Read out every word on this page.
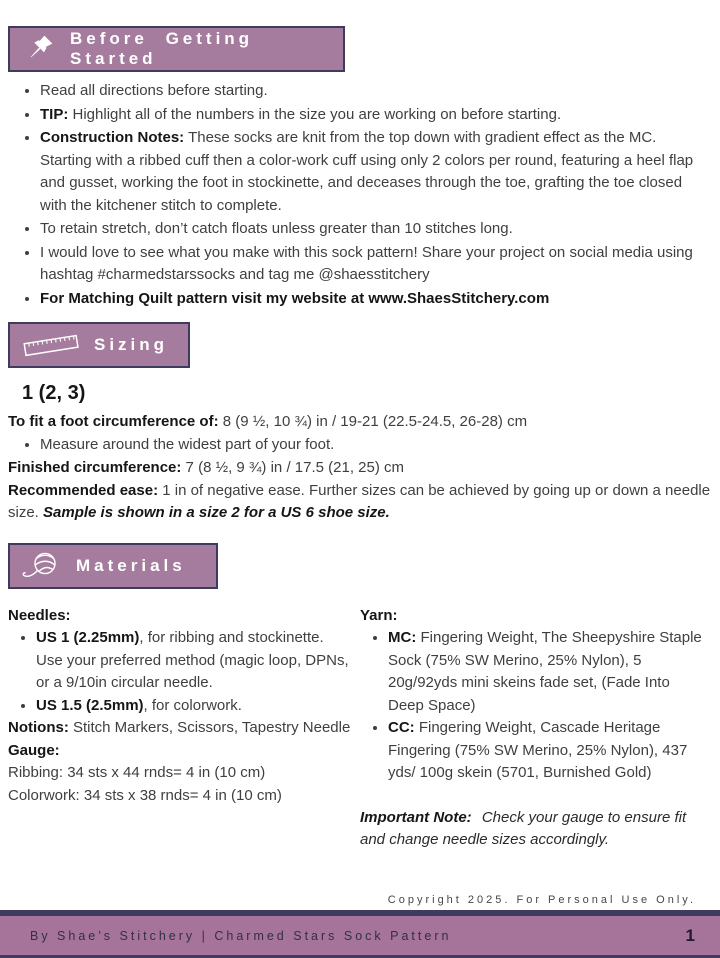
Before Getting Started
• Read all directions before starting.
• TIP: Highlight all of the numbers in the size you are working on before starting.
• Construction Notes: These socks are knit from the top down with gradient effect as the MC. Starting with a ribbed cuff then a color-work cuff using only 2 colors per round, featuring a heel flap and gusset, working the foot in stockinette, and deceases through the toe, grafting the toe closed with the kitchener stitch to complete.
• To retain stretch, don’t catch floats unless greater than 10 stitches long.
• I would love to see what you make with this sock pattern! Share your project on social media using hashtag #charmedstarssocks and tag me @shaesstitchery
• For Matching Quilt pattern visit my website at www.ShaesStitchery.com
Sizing
1 (2, 3)

To fit a foot circumference of: 8 (9 ½, 10 ¾) in / 19-21 (22.5-24.5, 26-28) cm

• Measure around the widest part of your foot.

Finished circumference: 7 (8 ½, 9 ¾) in / 17.5 (21, 25) cm

Recommended ease: 1 in of negative ease. Further sizes can be achieved by going up or down a needle size. Sample is shown in a size 2 for a US 6 shoe size.

Materials

Needles:

• US 1 (2.25mm), for ribbing and stockinette. Use your preferred method (magic loop, DPNs, or a 9/10in circular needle.
• US 1.5 (2.5mm), for colorwork.

Notions: Stitch Markers, Scissors, Tapestry Needle

Gauge:

Ribbing: 34 sts x 44 rnds= 4 in (10 cm)

Colorwork: 34 sts x 38 rnds= 4 in (10 cm)

Yarn:

• MC: Fingering Weight, The Sheepyshire Staple Sock (75% SW Merino, 25% Nylon), 5 20g/92yds mini skeins fade set, (Fade Into Deep Space)
• CC: Fingering Weight, Cascade Heritage Fingering (75% SW Merino, 25% Nylon), 437 yds/ 100g skein (5701, Burnished Gold)

Important Note: Check your gauge to ensure fit and change needle sizes accordingly.

Copyright 2025. For Personal Use Only.

By Shae’s Stitchery | Charmed Stars Sock Pattern	1
